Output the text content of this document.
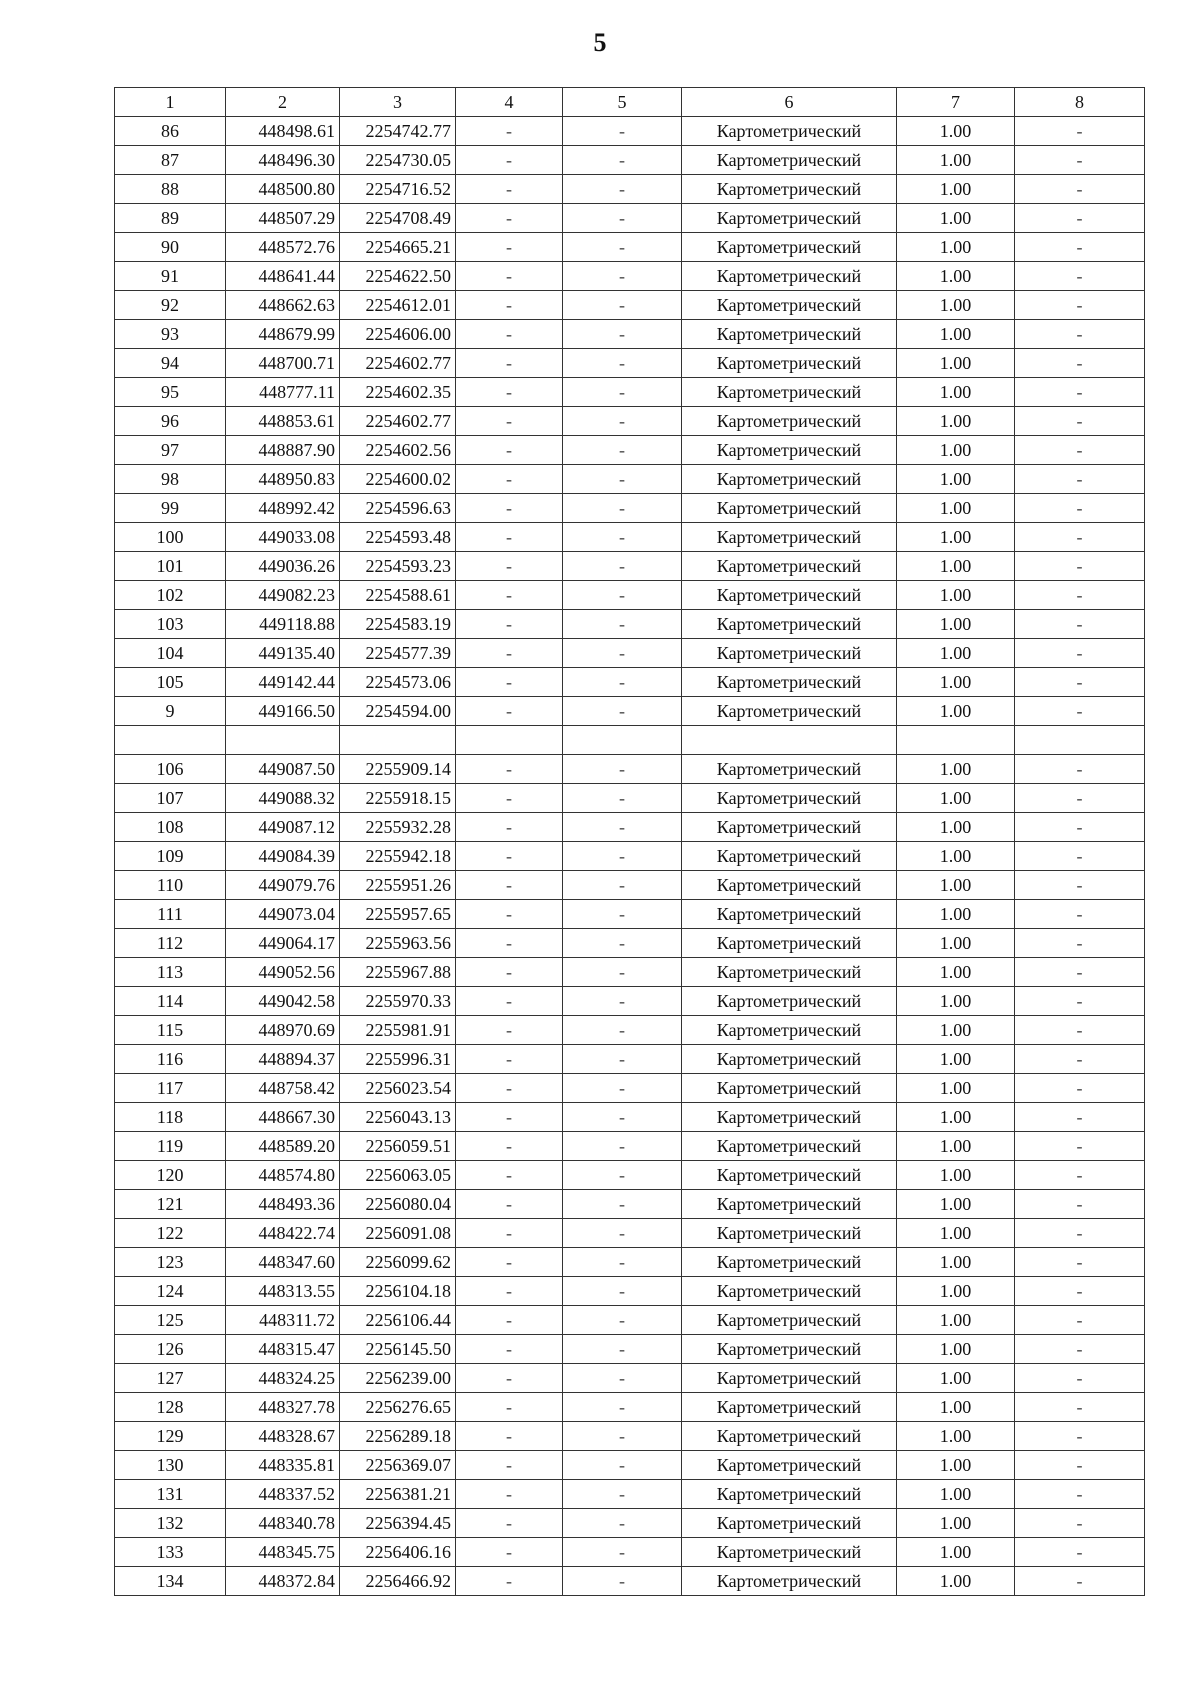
5
1	2	3	4	5	6	7	8
86	448498.61	2254742.77	-	-	Картометрический	1.00	-
87	448496.30	2254730.05	-	-	Картометрический	1.00	-
88	448500.80	2254716.52	-	-	Картометрический	1.00	-
89	448507.29	2254708.49	-	-	Картометрический	1.00	-
90	448572.76	2254665.21	-	-	Картометрический	1.00	-
91	448641.44	2254622.50	-	-	Картометрический	1.00	-
92	448662.63	2254612.01	-	-	Картометрический	1.00	-
93	448679.99	2254606.00	-	-	Картометрический	1.00	-
94	448700.71	2254602.77	-	-	Картометрический	1.00	-
95	448777.11	2254602.35	-	-	Картометрический	1.00	-
96	448853.61	2254602.77	-	-	Картометрический	1.00	-
97	448887.90	2254602.56	-	-	Картометрический	1.00	-
98	448950.83	2254600.02	-	-	Картометрический	1.00	-
99	448992.42	2254596.63	-	-	Картометрический	1.00	-
100	449033.08	2254593.48	-	-	Картометрический	1.00	-
101	449036.26	2254593.23	-	-	Картометрический	1.00	-
102	449082.23	2254588.61	-	-	Картометрический	1.00	-
103	449118.88	2254583.19	-	-	Картометрический	1.00	-
104	449135.40	2254577.39	-	-	Картометрический	1.00	-
105	449142.44	2254573.06	-	-	Картометрический	1.00	-
9	449166.50	2254594.00	-	-	Картометрический	1.00	-

106	449087.50	2255909.14	-	-	Картометрический	1.00	-
107	449088.32	2255918.15	-	-	Картометрический	1.00	-
108	449087.12	2255932.28	-	-	Картометрический	1.00	-
109	449084.39	2255942.18	-	-	Картометрический	1.00	-
110	449079.76	2255951.26	-	-	Картометрический	1.00	-
111	449073.04	2255957.65	-	-	Картометрический	1.00	-
112	449064.17	2255963.56	-	-	Картометрический	1.00	-
113	449052.56	2255967.88	-	-	Картометрический	1.00	-
114	449042.58	2255970.33	-	-	Картометрический	1.00	-
115	448970.69	2255981.91	-	-	Картометрический	1.00	-
116	448894.37	2255996.31	-	-	Картометрический	1.00	-
117	448758.42	2256023.54	-	-	Картометрический	1.00	-
118	448667.30	2256043.13	-	-	Картометрический	1.00	-
119	448589.20	2256059.51	-	-	Картометрический	1.00	-
120	448574.80	2256063.05	-	-	Картометрический	1.00	-
121	448493.36	2256080.04	-	-	Картометрический	1.00	-
122	448422.74	2256091.08	-	-	Картометрический	1.00	-
123	448347.60	2256099.62	-	-	Картометрический	1.00	-
124	448313.55	2256104.18	-	-	Картометрический	1.00	-
125	448311.72	2256106.44	-	-	Картометрический	1.00	-
126	448315.47	2256145.50	-	-	Картометрический	1.00	-
127	448324.25	2256239.00	-	-	Картометрический	1.00	-
128	448327.78	2256276.65	-	-	Картометрический	1.00	-
129	448328.67	2256289.18	-	-	Картометрический	1.00	-
130	448335.81	2256369.07	-	-	Картометрический	1.00	-
131	448337.52	2256381.21	-	-	Картометрический	1.00	-
132	448340.78	2256394.45	-	-	Картометрический	1.00	-
133	448345.75	2256406.16	-	-	Картометрический	1.00	-
134	448372.84	2256466.92	-	-	Картометрический	1.00	-
